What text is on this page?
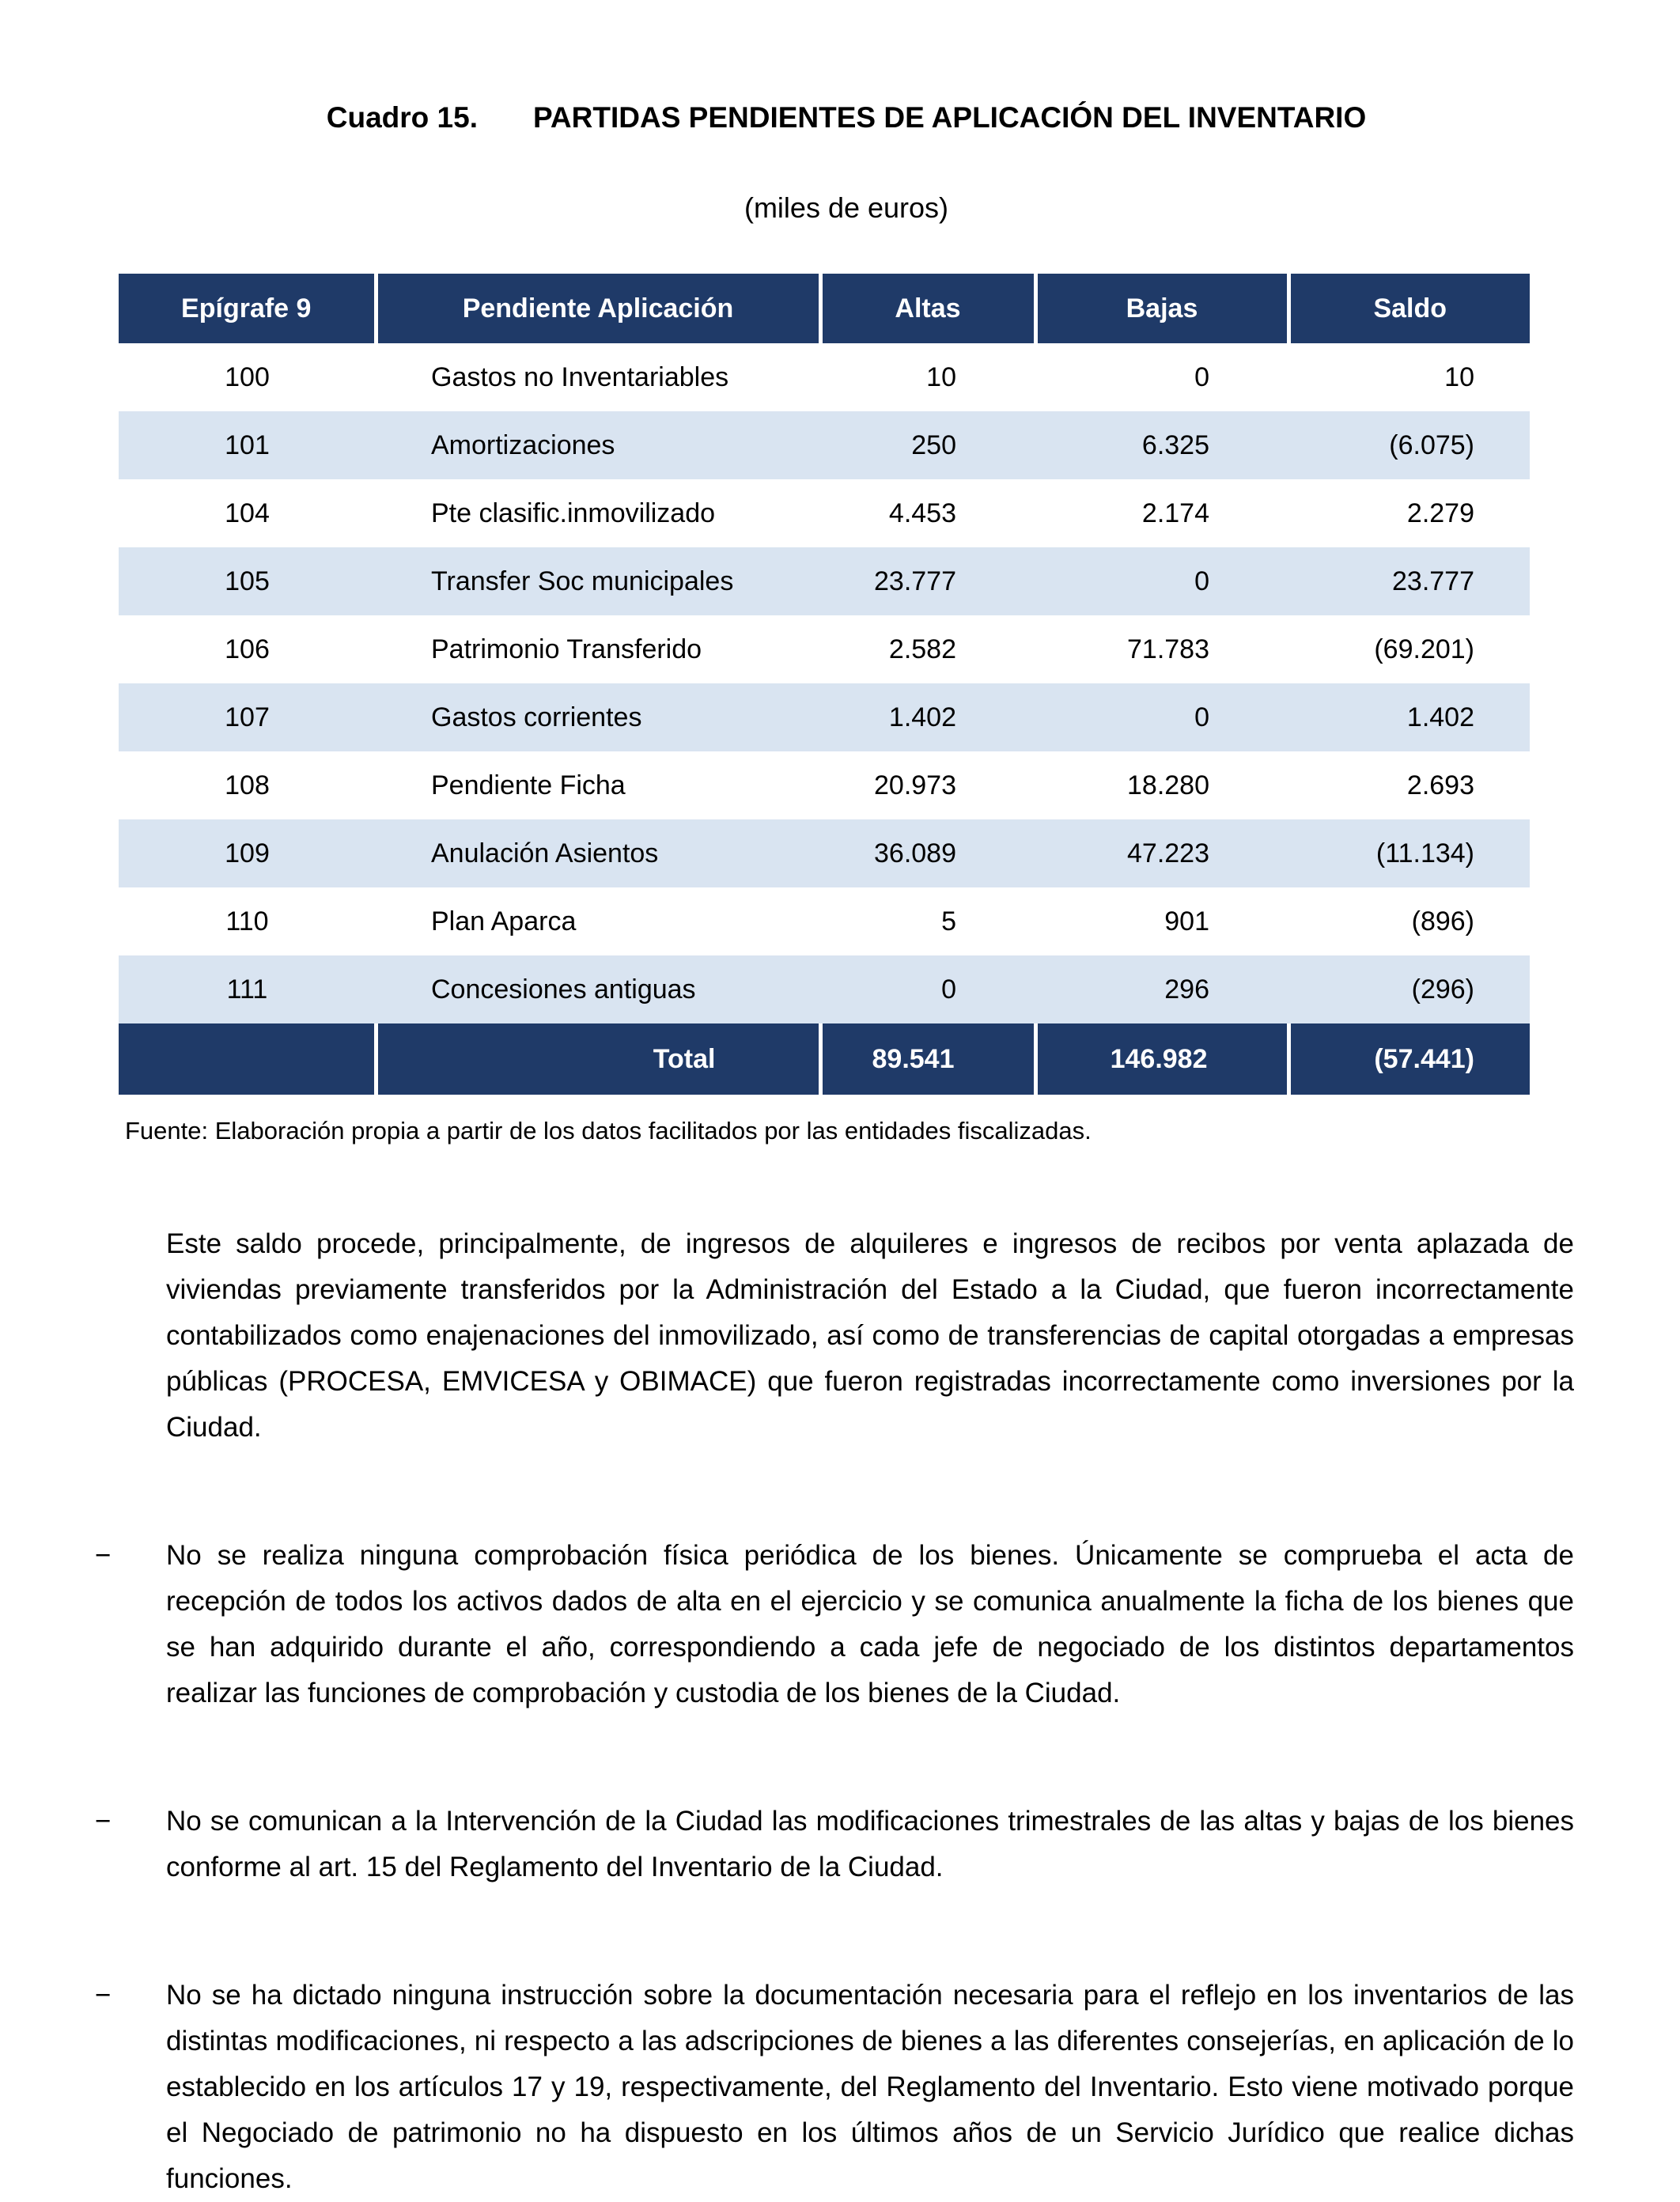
Cuadro 15. PARTIDAS PENDIENTES DE APLICACIÓN DEL INVENTARIO
(miles de euros)
Epígrafe 9	Pendiente Aplicación	Altas	Bajas	Saldo
100	Gastos no Inventariables	10	0	10
101	Amortizaciones	250	6.325	(6.075)
104	Pte clasific.inmovilizado	4.453	2.174	2.279
105	Transfer Soc municipales	23.777	0	23.777
106	Patrimonio Transferido	2.582	71.783	(69.201)
107	Gastos corrientes	1.402	0	1.402
108	Pendiente Ficha	20.973	18.280	2.693
109	Anulación Asientos	36.089	47.223	(11.134)
110	Plan Aparca	5	901	(896)
111	Concesiones antiguas	0	296	(296)
	Total	89.541	146.982	(57.441)
Fuente: Elaboración propia a partir de los datos facilitados por las entidades fiscalizadas.

Este saldo procede, principalmente, de ingresos de alquileres e ingresos de recibos por venta aplazada de viviendas previamente transferidos por la Administración del Estado a la Ciudad, que fueron incorrectamente contabilizados como enajenaciones del inmovilizado, así como de transferencias de capital otorgadas a empresas públicas (PROCESA, EMVICESA y OBIMACE) que fueron registradas incorrectamente como inversiones por la Ciudad.

−	No se realiza ninguna comprobación física periódica de los bienes. Únicamente se comprueba el acta de recepción de todos los activos dados de alta en el ejercicio y se comunica anualmente la ficha de los bienes que se han adquirido durante el año, correspondiendo a cada jefe de negociado de los distintos departamentos realizar las funciones de comprobación y custodia de los bienes de la Ciudad.
−	No se comunican a la Intervención de la Ciudad las modificaciones trimestrales de las altas y bajas de los bienes conforme al art. 15 del Reglamento del Inventario de la Ciudad.
−	No se ha dictado ninguna instrucción sobre la documentación necesaria para el reflejo en los inventarios de las distintas modificaciones, ni respecto a las adscripciones de bienes a las diferentes consejerías, en aplicación de lo establecido en los artículos 17 y 19, respectivamente, del Reglamento del Inventario. Esto viene motivado porque el Negociado de patrimonio no ha dispuesto en los últimos años de un Servicio Jurídico que realice dichas funciones.
